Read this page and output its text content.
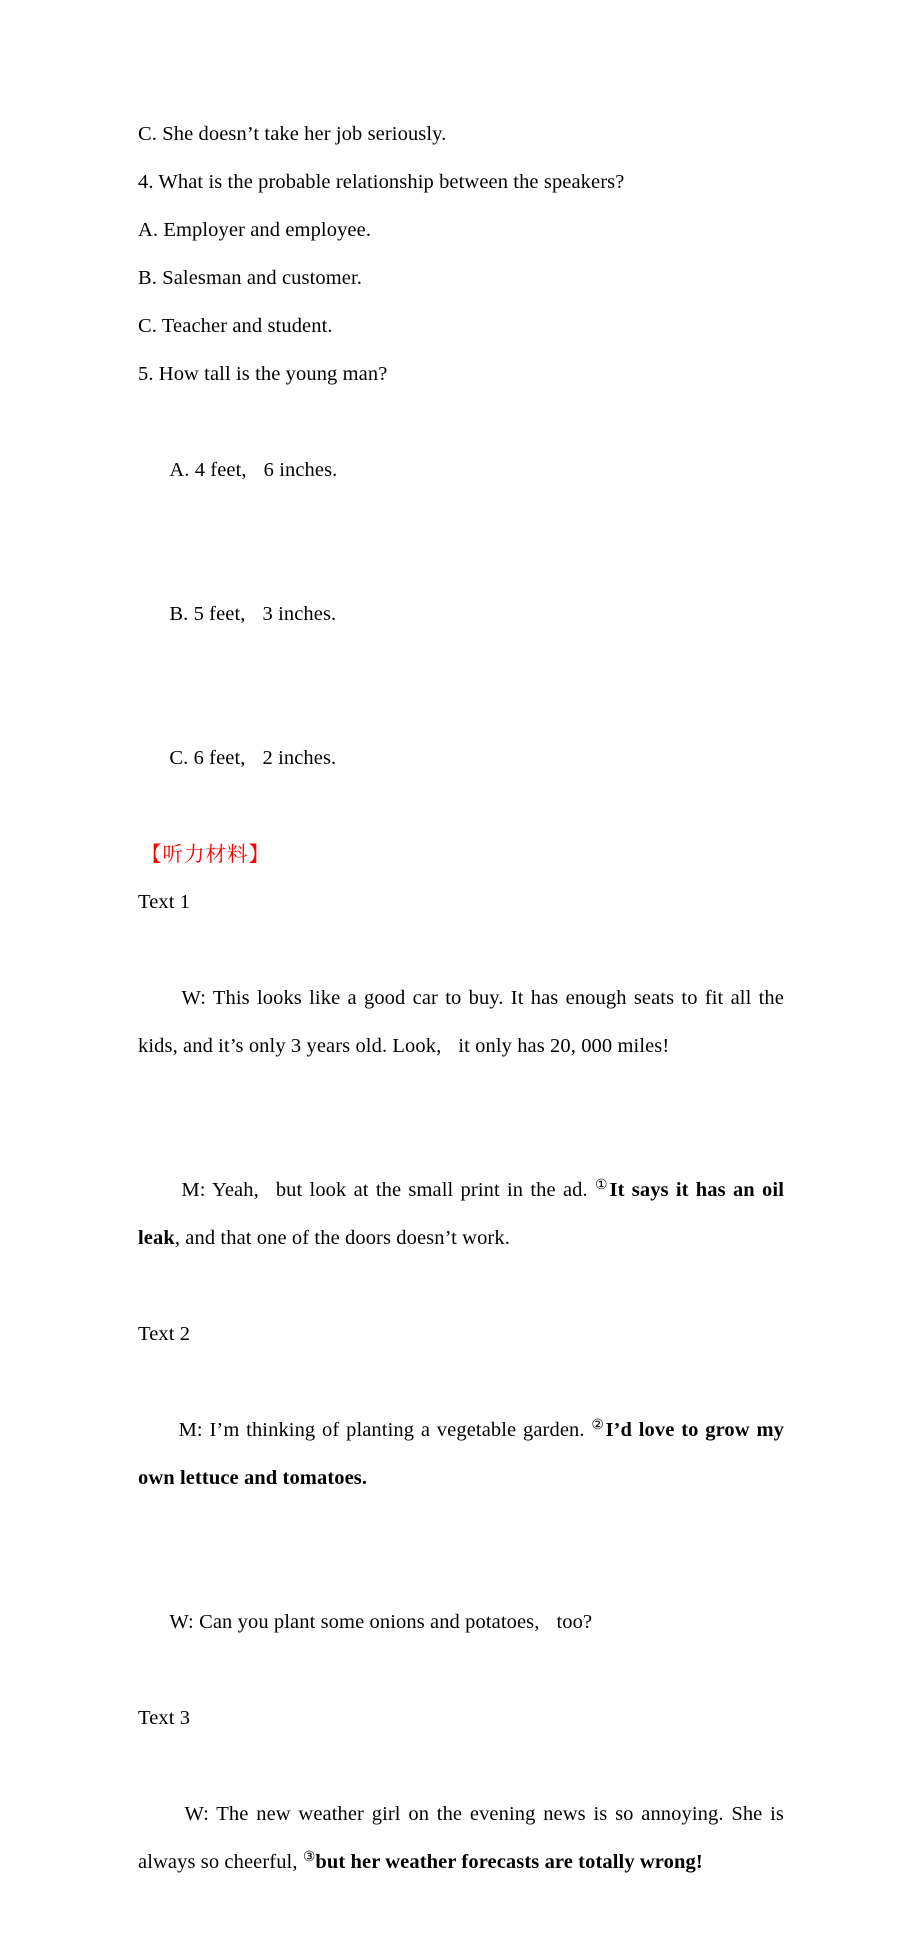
C. She doesn’t take her job seriously.

4. What is the probable relationship between the speakers?

A. Employer and employee.

B. Salesman and customer.

C. Teacher and student.

5. How tall is the young man?

A. 4 feet, 6 inches.

B. 5 feet, 3 inches.

C. 6 feet, 2 inches.

【听力材料】

Text 1

W: This looks like a good car to buy. It has enough seats to fit all the kids, and it’s only 3 years old. Look, it only has 20, 000 miles!

M: Yeah, but look at the small print in the ad. ①It says it has an oil leak, and that one of the doors doesn’t work.

Text 2

M: I’m thinking of planting a vegetable garden. ②I’d love to grow my own lettuce and tomatoes.

W: Can you plant some onions and potatoes, too?

Text 3

W: The new weather girl on the evening news is so annoying. She is always so cheerful, ③but her weather forecasts are totally wrong!
